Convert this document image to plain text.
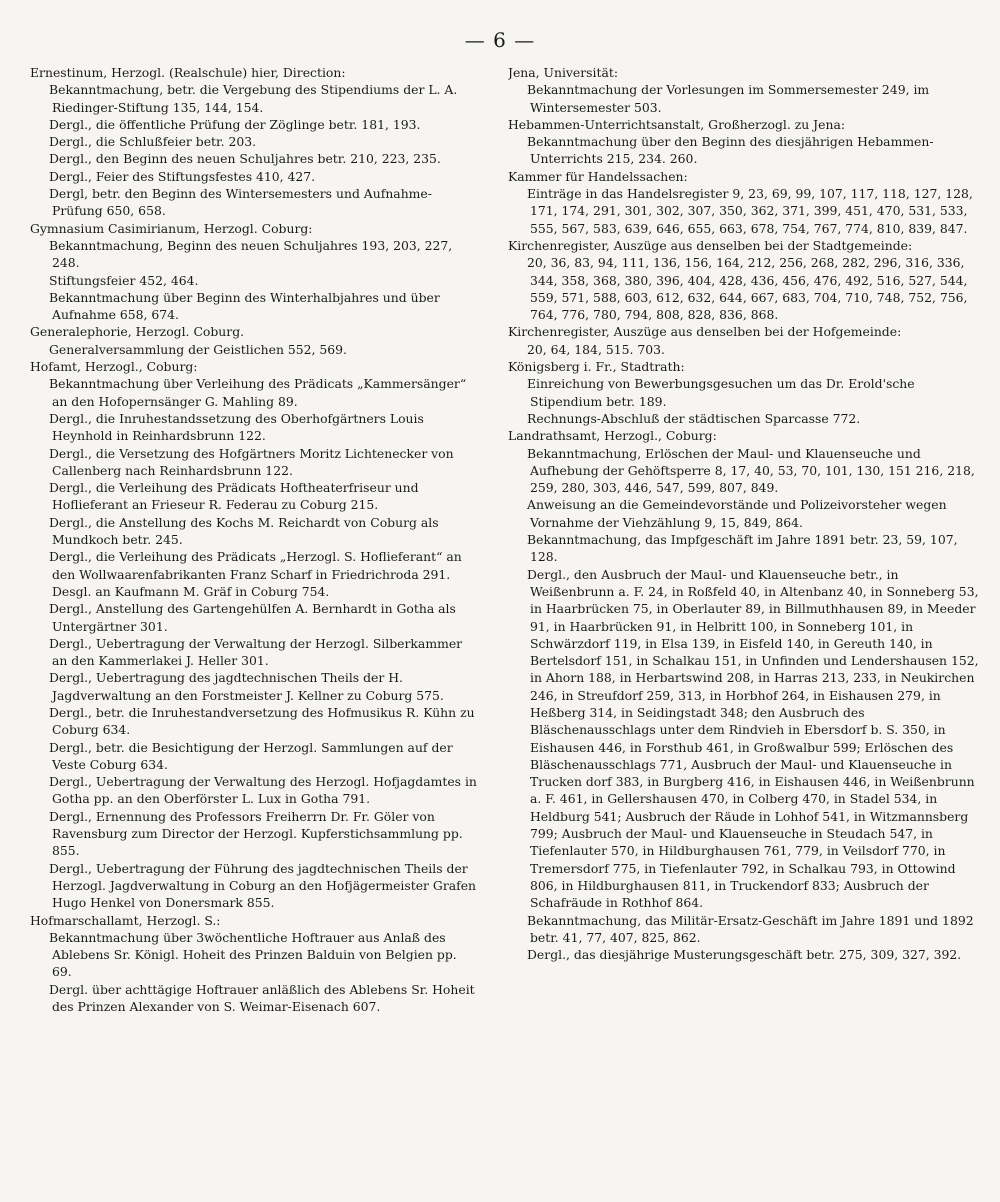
— 6 —

Ernestinum, Herzogl. (Realschule) hier, Direction:

Bekanntmachung, betr. die Vergebung des Stipendiums der L. A. Riedinger-Stiftung 135, 144, 154.

Dergl., die öffentliche Prüfung der Zöglinge betr. 181, 193.

Dergl., die Schlußfeier betr. 203.

Dergl., den Beginn des neuen Schuljahres betr. 210, 223, 235.

Dergl., Feier des Stiftungsfestes 410, 427.

Dergl, betr. den Beginn des Wintersemesters und Aufnahme-Prüfung 650, 658.

Gymnasium Casimirianum, Herzogl. Coburg:

Bekanntmachung, Beginn des neuen Schuljahres 193, 203, 227, 248.

Stiftungsfeier 452, 464.

Bekanntmachung über Beginn des Winterhalbjahres und über Aufnahme 658, 674.

Generalephorie, Herzogl. Coburg.

Generalversammlung der Geistlichen 552, 569.

Hofamt, Herzogl., Coburg:

Bekanntmachung über Verleihung des Prädicats „Kammersänger“ an den Hofopernsänger G. Mahling 89.

Dergl., die Inruhestandssetzung des Oberhofgärtners Louis Heynhold in Reinhardsbrunn 122.

Dergl., die Versetzung des Hofgärtners Moritz Lichtenecker von Callenberg nach Reinhardsbrunn 122.

Dergl., die Verleihung des Prädicats Hoftheaterfriseur und Hoflieferant an Frieseur R. Federau zu Coburg 215.

Dergl., die Anstellung des Kochs M. Reichardt von Coburg als Mundkoch betr. 245.

Dergl., die Verleihung des Prädicats „Herzogl. S. Hoflieferant“ an den Wollwaarenfabrikanten Franz Scharf in Friedrichroda 291. Desgl. an Kaufmann M. Gräf in Coburg 754.

Dergl., Anstellung des Gartengehülfen A. Bernhardt in Gotha als Untergärtner 301.

Dergl., Uebertragung der Verwaltung der Herzogl. Silberkammer an den Kammerlakei J. Heller 301.

Dergl., Uebertragung des jagdtechnischen Theils der H. Jagdverwaltung an den Forstmeister J. Kellner zu Coburg 575.

Dergl., betr. die Inruhestandversetzung des Hofmusikus R. Kühn zu Coburg 634.

Dergl., betr. die Besichtigung der Herzogl. Sammlungen auf der Veste Coburg 634.

Dergl., Uebertragung der Verwaltung des Herzogl. Hofjagdamtes in Gotha pp. an den Oberförster L. Lux in Gotha 791.

Dergl., Ernennung des Professors Freiherrn Dr. Fr. Göler von Ravensburg zum Director der Herzogl. Kupferstichsammlung pp. 855.

Dergl., Uebertragung der Führung des jagdtechnischen Theils der Herzogl. Jagdverwaltung in Coburg an den Hofjägermeister Grafen Hugo Henkel von Donersmark 855.

Hofmarschallamt, Herzogl. S.:

Bekanntmachung über 3wöchentliche Hoftrauer aus Anlaß des Ablebens Sr. Königl. Hoheit des Prinzen Balduin von Belgien pp. 69.

Dergl. über achttägige Hoftrauer anläßlich des Ablebens Sr. Hoheit des Prinzen Alexander von S. Weimar-Eisenach 607.

Jena, Universität:

Bekanntmachung der Vorlesungen im Sommersemester 249, im Wintersemester 503.

Hebammen-Unterrichtsanstalt, Großherzogl. zu Jena:

Bekanntmachung über den Beginn des diesjährigen Hebammen-Unterrichts 215, 234. 260.

Kammer für Handelssachen:

Einträge in das Handelsregister 9, 23, 69, 99, 107, 117, 118, 127, 128, 171, 174, 291, 301, 302, 307, 350, 362, 371, 399, 451, 470, 531, 533, 555, 567, 583, 639, 646, 655, 663, 678, 754, 767, 774, 810, 839, 847.

Kirchenregister, Auszüge aus denselben bei der Stadtgemeinde:

20, 36, 83, 94, 111, 136, 156, 164, 212, 256, 268, 282, 296, 316, 336, 344, 358, 368, 380, 396, 404, 428, 436, 456, 476, 492, 516, 527, 544, 559, 571, 588, 603, 612, 632, 644, 667, 683, 704, 710, 748, 752, 756, 764, 776, 780, 794, 808, 828, 836, 868.

Kirchenregister, Auszüge aus denselben bei der Hofgemeinde:

20, 64, 184, 515. 703.

Königsberg i. Fr., Stadtrath:

Einreichung von Bewerbungsgesuchen um das Dr. Erold'sche Stipendium betr. 189.

Rechnungs-Abschluß der städtischen Sparcasse 772.

Landrathsamt, Herzogl., Coburg:

Bekanntmachung, Erlöschen der Maul- und Klauenseuche und Aufhebung der Gehöftsperre 8, 17, 40, 53, 70, 101, 130, 151 216, 218, 259, 280, 303, 446, 547, 599, 807, 849.

Anweisung an die Gemeindevorstände und Polizeivorsteher wegen Vornahme der Viehzählung 9, 15, 849, 864.

Bekanntmachung, das Impfgeschäft im Jahre 1891 betr. 23, 59, 107, 128.

Dergl., den Ausbruch der Maul- und Klauenseuche betr., in Weißenbrunn a. F. 24, in Roßfeld 40, in Altenbanz 40, in Sonneberg 53, in Haarbrücken 75, in Oberlauter 89, in Billmuthhausen 89, in Meeder 91, in Haarbrücken 91, in Helbritt 100, in Sonneberg 101, in Schwärzdorf 119, in Elsa 139, in Eisfeld 140, in Gereuth 140, in Bertelsdorf 151, in Schalkau 151, in Unfinden und Lendershausen 152, in Ahorn 188, in Herbartswind 208, in Harras 213, 233, in Neukirchen 246, in Streufdorf 259, 313, in Horbhof 264, in Eishausen 279, in Heßberg 314, in Seidingstadt 348; den Ausbruch des Bläschenausschlags unter dem Rindvieh in Ebersdorf b. S. 350, in Eishausen 446, in Forsthub 461, in Großwalbur 599; Erlöschen des Bläschenausschlags 771, Ausbruch der Maul- und Klauenseuche in Trucken dorf 383, in Burgberg 416, in Eishausen 446, in Weißenbrunn a. F. 461, in Gellershausen 470, in Colberg 470, in Stadel 534, in Heldburg 541; Ausbruch der Räude in Lohhof 541, in Witzmannsberg 799; Ausbruch der Maul- und Klauenseuche in Steudach 547, in Tiefenlauter 570, in Hildburghausen 761, 779, in Veilsdorf 770, in Tremersdorf 775, in Tiefenlauter 792, in Schalkau 793, in Ottowind 806, in Hildburghausen 811, in Truckendorf 833; Ausbruch der Schafräude in Rothhof 864.

Bekanntmachung, das Militär-Ersatz-Geschäft im Jahre 1891 und 1892 betr. 41, 77, 407, 825, 862.

Dergl., das diesjährige Musterungsgeschäft betr. 275, 309, 327, 392.
